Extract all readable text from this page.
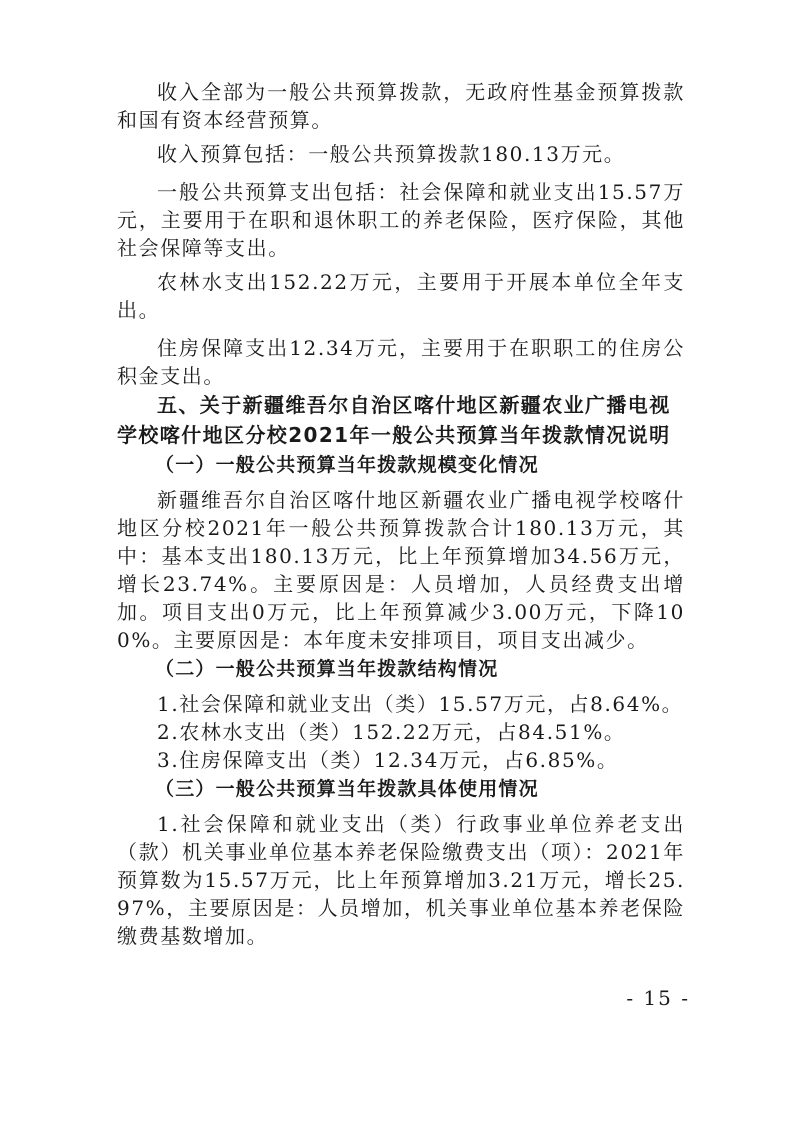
收入全部为一般公共预算拨款，无政府性基金预算拨款和国有资本经营预算。

收入预算包括：一般公共预算拨款180.13万元。

一般公共预算支出包括：社会保障和就业支出15.57万元，主要用于在职和退休职工的养老保险，医疗保险，其他社会保障等支出。

农林水支出152.22万元，主要用于开展本单位全年支出。

住房保障支出12.34万元，主要用于在职职工的住房公积金支出。

五、关于新疆维吾尔自治区喀什地区新疆农业广播电视学校喀什地区分校2021年一般公共预算当年拨款情况说明

（一）一般公共预算当年拨款规模变化情况

新疆维吾尔自治区喀什地区新疆农业广播电视学校喀什地区分校2021年一般公共预算拨款合计180.13万元，其中：基本支出180.13万元，比上年预算增加34.56万元，增长23.74%。主要原因是：人员增加，人员经费支出增加。项目支出0万元，比上年预算减少3.00万元，下降100%。主要原因是：本年度未安排项目，项目支出减少。

（二）一般公共预算当年拨款结构情况

1.社会保障和就业支出（类）15.57万元，占8.64%。

2.农林水支出（类）152.22万元，占84.51%。

3.住房保障支出（类）12.34万元，占6.85%。

（三）一般公共预算当年拨款具体使用情况

1.社会保障和就业支出（类）行政事业单位养老支出（款）机关事业单位基本养老保险缴费支出（项）：2021年预算数为15.57万元，比上年预算增加3.21万元，增长25.97%，主要原因是：人员增加，机关事业单位基本养老保险缴费基数增加。

- 15 -
